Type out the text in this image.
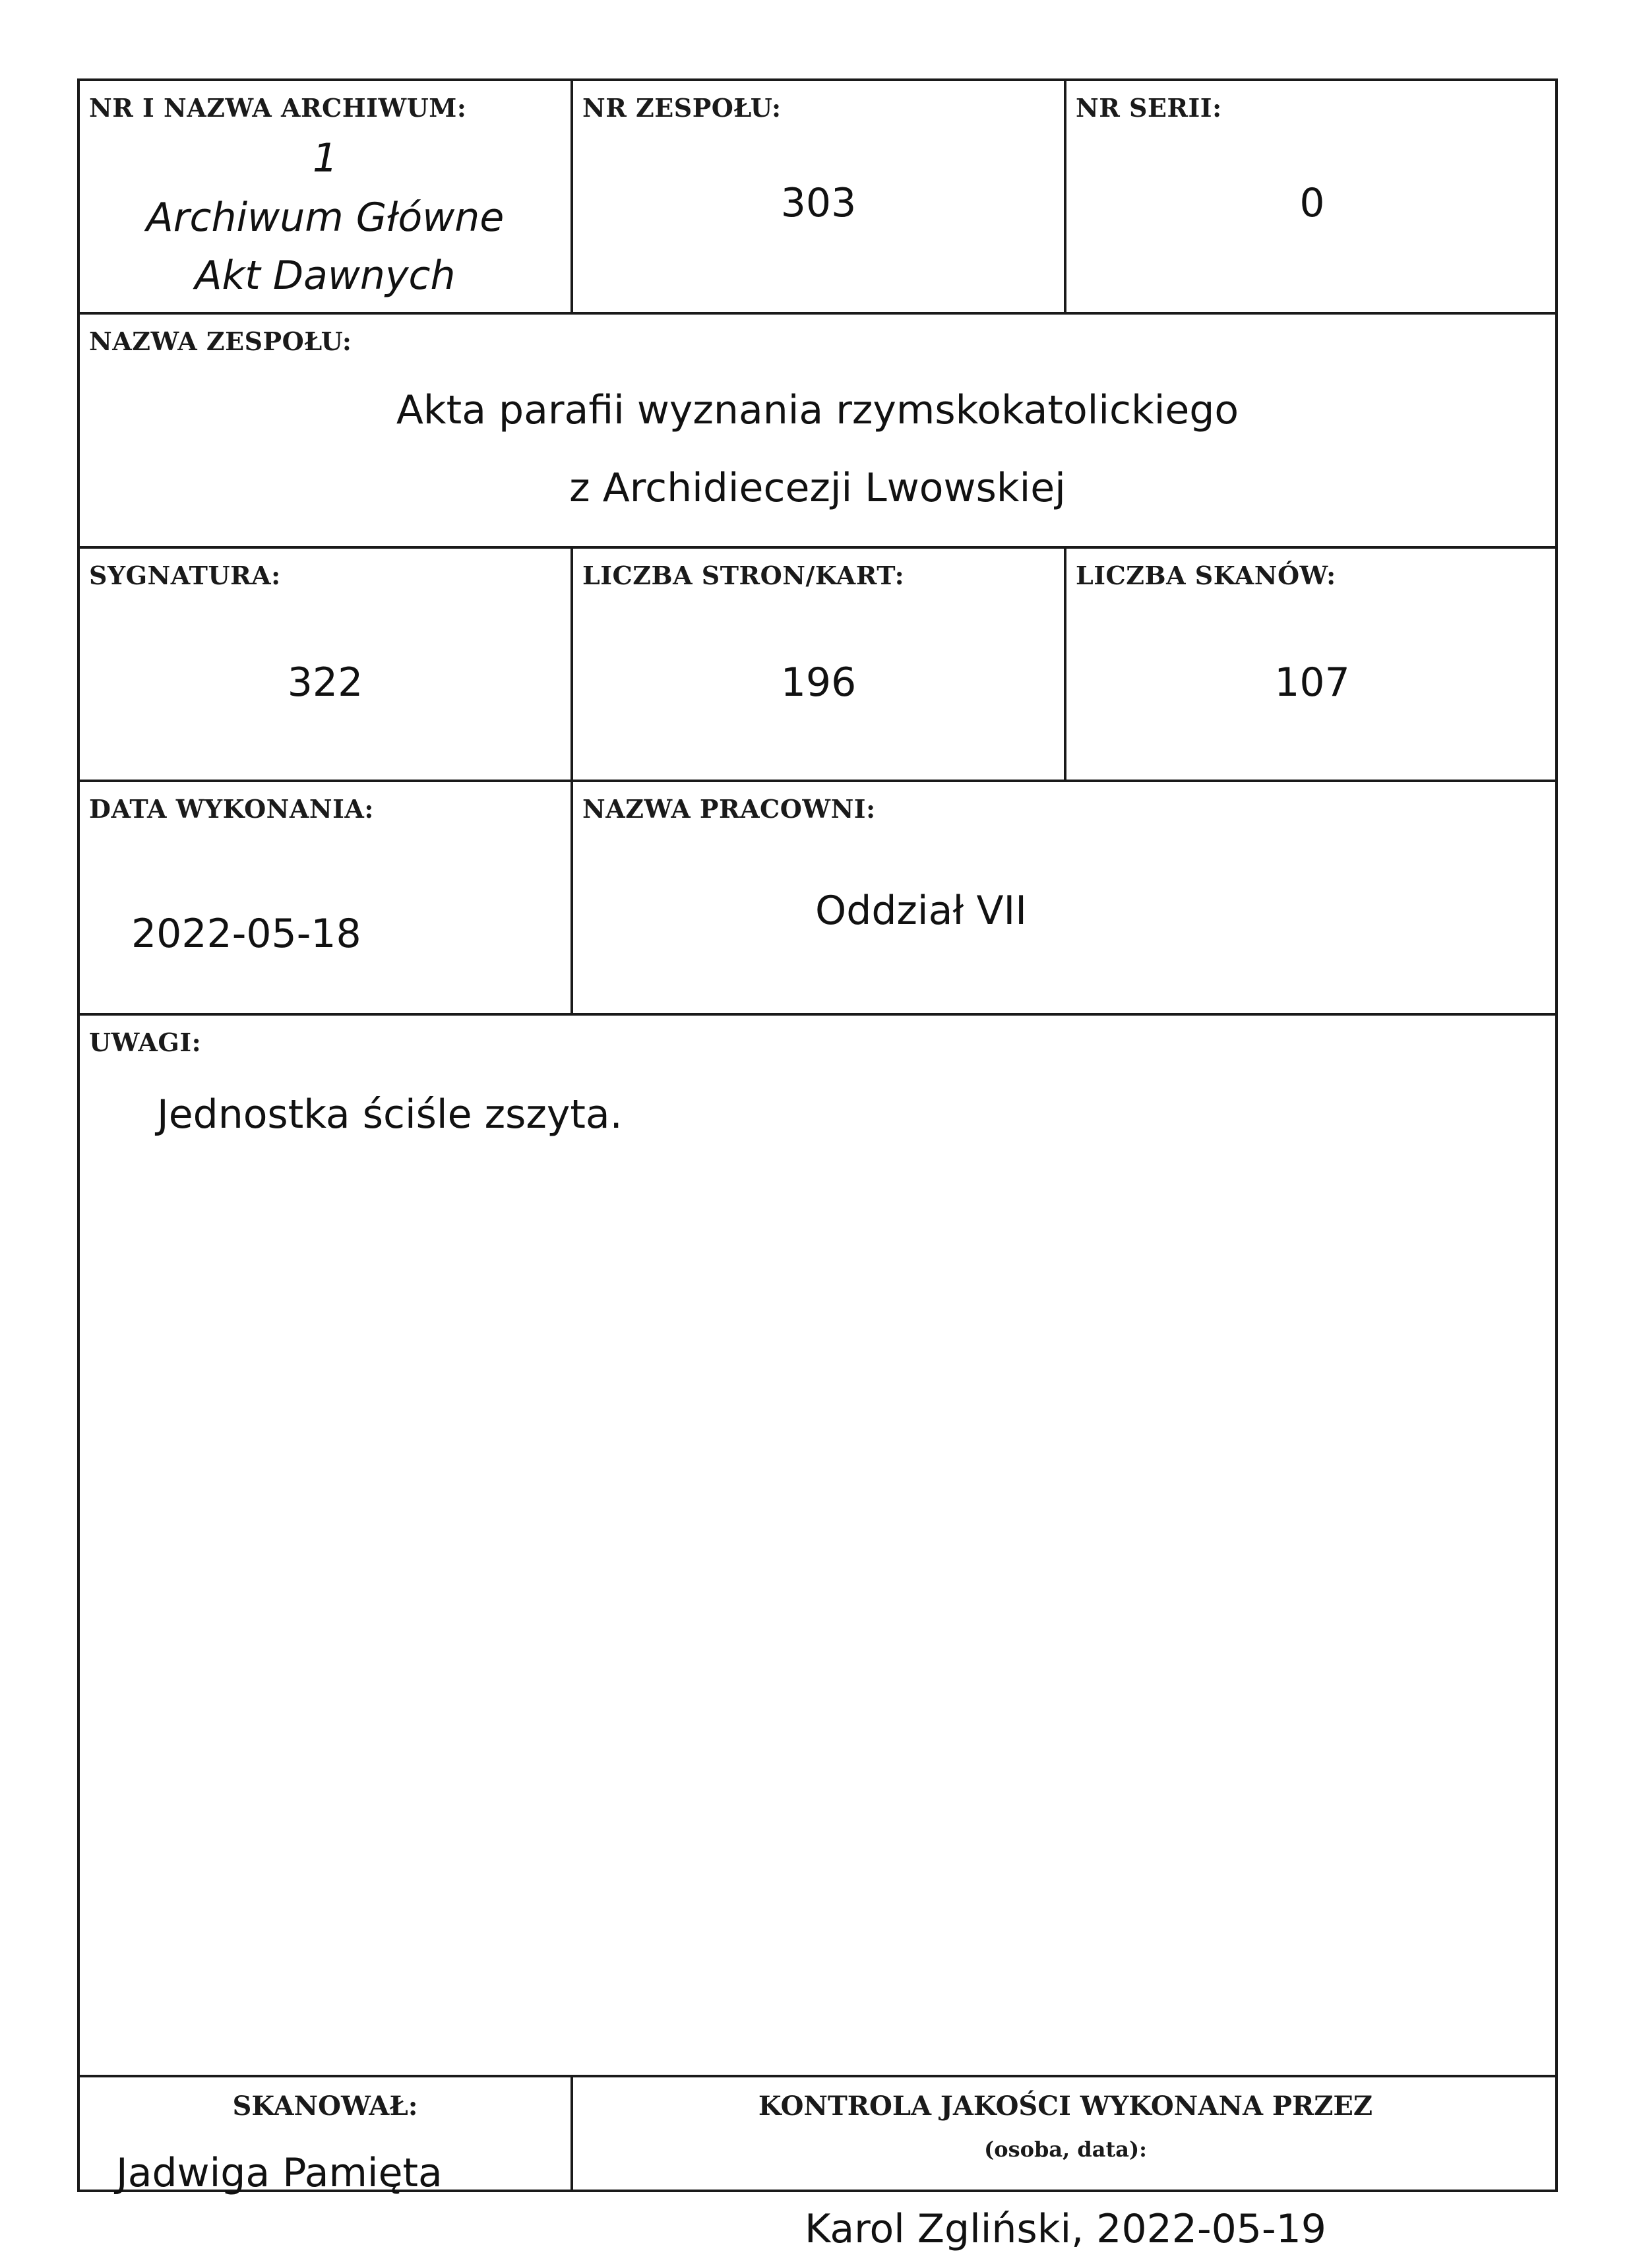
NR I NAZWA ARCHIWUM:
1
Archiwum Główne
Akt Dawnych
NR ZESPOŁU:
303
NR SERII:
0
NAZWA ZESPOŁU:
Akta parafii wyznania rzymskokatolickiego
z Archidiecezji Lwowskiej
SYGNATURA:
322
LICZBA STRON/KART:
196
LICZBA SKANÓW:
107
DATA WYKONANIA:
2022-05-18
NAZWA PRACOWNI:
Oddział VII
UWAGI:
Jednostka ściśle zszyta.
SKANOWAŁ:
Jadwiga Pamięta
KONTROLA JAKOŚCI WYKONANA PRZEZ
(osoba, data):
Karol Zgliński, 2022-05-19
